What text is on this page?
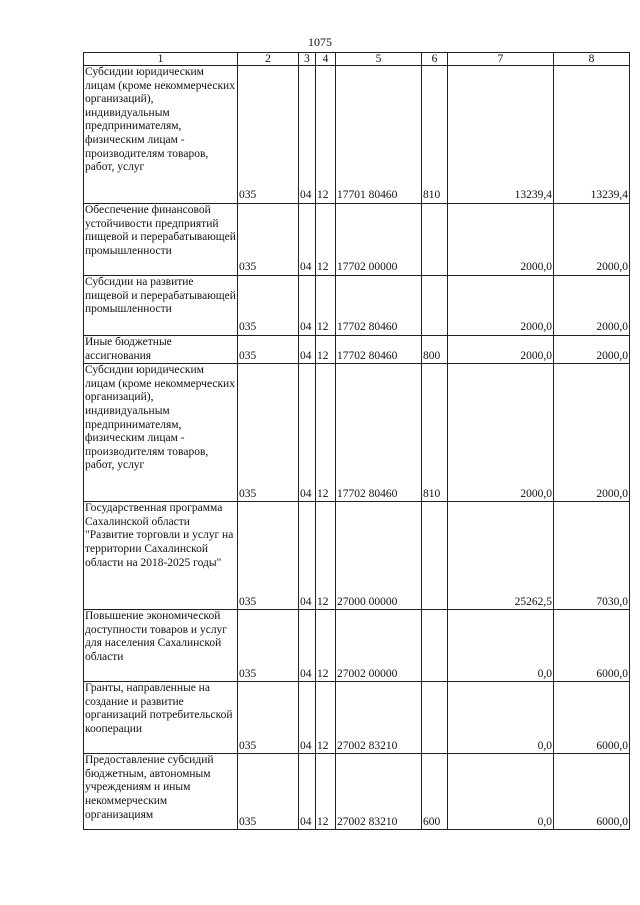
1075
1	2	3	4	5	6	7	8
Субсидии юридическим лицам (кроме некоммерческих организаций), индивидуальным предпринимателям, физическим лицам - производителям товаров, работ, услуг	035	04	12	17701 80460	810	13239,4	13239,4
Обеспечение финансовой устойчивости предприятий пищевой и перерабатывающей промышленности	035	04	12	17702 00000		2000,0	2000,0
Субсидии на развитие пищевой и перерабатывающей промышленности	035	04	12	17702 80460		2000,0	2000,0
Иные бюджетные ассигнования	035	04	12	17702 80460	800	2000,0	2000,0
Субсидии юридическим лицам (кроме некоммерческих организаций), индивидуальным предпринимателям, физическим лицам - производителям товаров, работ, услуг	035	04	12	17702 80460	810	2000,0	2000,0
Государственная программа Сахалинской области "Развитие торговли и услуг на территории Сахалинской области на 2018-2025 годы"	035	04	12	27000 00000		25262,5	7030,0
Повышение экономической доступности товаров и услуг для населения Сахалинской области	035	04	12	27002 00000		0,0	6000,0
Гранты, направленные на создание и развитие организаций потребительской кооперации	035	04	12	27002 83210		0,0	6000,0
Предоставление субсидий бюджетным, автономным учреждениям и иным некоммерческим организациям	035	04	12	27002 83210	600	0,0	6000,0
